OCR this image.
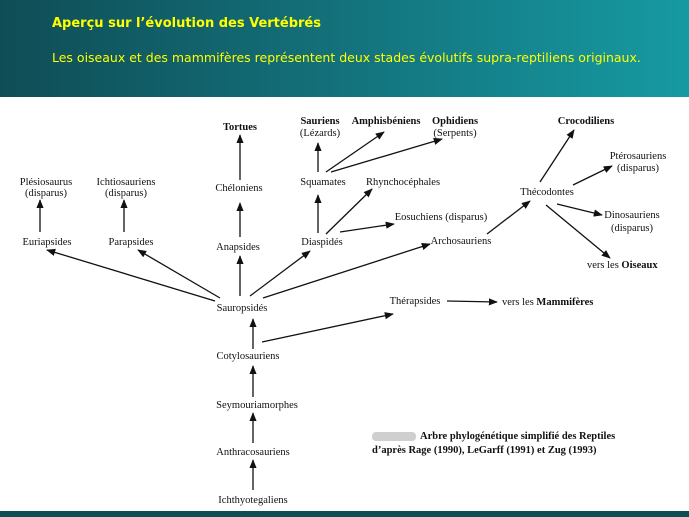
Aperçu sur l’évolution des Vertébrés
Les oiseaux et des mammifères représentent deux stades évolutifs supra-reptiliens originaux.
Ichthyotegaliens
Anthracosauriens
Seymouriamorphes
Cotylosauriens
Sauropsidés
Thérapsides	vers les Mammifères
Euriapsides
Plésiosaurus
(disparus)
Ichtiosauriens
(disparus)
Parapsides	Anapsides
Chéloniens
Tortues
Diaspidés
Squamates
Sauriens
(Lézards)
Amphisbéniens Ophidiens
(Serpents)
Rhynchocéphales
Eosuchiens (disparus)
Archosauriens
Thécodontes
Crocodiliens
Ptérosauriens
(disparus)
Dinosauriens
(disparus)
vers les Oiseaux
Arbre phylogénétique simplifié des Reptiles
d’après Rage (1990), LeGarff (1991) et Zug (1993)
